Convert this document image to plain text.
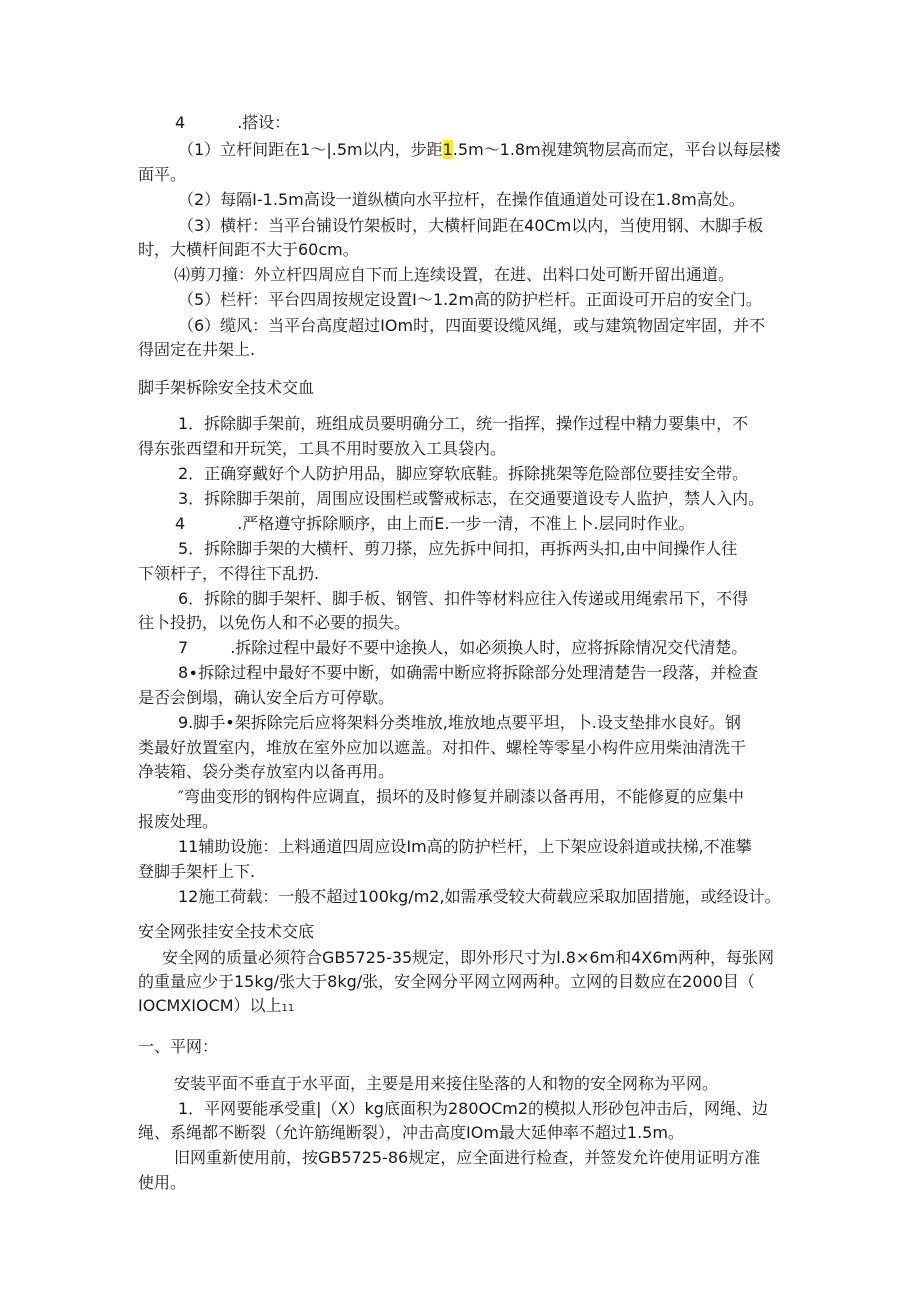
4	.搭设：
（1）立杆间距在1～|.5m以内，步距1.5m～1.8m视建筑物层高而定，平台以每层楼
面平。
（2）每隔I-1.5m高设一道纵横向水平拉杆，在操作值通道处可设在1.8m高处。
（3）横杆：当平台铺设竹架板时，大横杆间距在40Cm以内，当使用钢、木脚手板
时，大横杆间距不大于60cm。
⑷剪刀撞：外立杆四周应自下而上连续设置，在进、出料口处可断开留出通道。
（5）栏杆：平台四周按规定设置I～1.2m高的防护栏杆。正面设可开启的安全门。
（6）缆风：当平台高度超过IOm时，四面要设缆风绳，或与建筑物固定牢固，并不
得固定在井架上.
脚手架柝除安全技术交血
1．拆除脚手架前，班组成员要明确分工，统一指挥，操作过程中精力要集中，不
得东张西望和开玩笑，工具不用时要放入工具袋内。
2．正确穿戴好个人防护用品，脚应穿软底鞋。拆除挑架等危险部位要挂安全带。
3．拆除脚手架前，周围应设围栏或警戒标志，在交通要道设专人监护，禁人入内。
4	.严格遵守拆除顺序，由上而E.一步一清，不准上卜.层同时作业。
5．拆除脚手架的大横杆、剪刀搽，应先拆中间扣，再拆两头扣,由中间操作人往
下领杆子，不得往下乱扔.
6．拆除的脚手架杆、脚手板、钢管、扣件等材料应往入传递或用绳索吊下，不得
往卜投扔，以免伤人和不必要的损失。
7	.拆除过程中最好不要中途换人，如必须换人时，应将拆除情况交代清楚。
8∙拆除过程中最好不要中断，如确需中断应将拆除部分处理清楚告一段落，并检查
是否会倒塌，确认安全后方可停歇。
9.脚手•架拆除完后应将架料分类堆放,堆放地点要平坦，卜.设支垫排水良好。钢
类最好放置室内，堆放在室外应加以遮盖。对扣件、螺栓等零星小构件应用柴油清洗干
净装箱、袋分类存放室内以备再用。
″弯曲变形的钢构件应调直，损坏的及时修复并刷漆以备再用，不能修夏的应集中
报废处理。
11辅助设施：上料通道四周应设Im高的防护栏杆，上下架应设斜道或扶梯,不准攀
登脚手架杆上下.
12施工荷载：一般不超过100kg/m2,如需承受较大荷载应采取加固措施，或经设计。
安全网张挂安全技术交底
安全网的质量必须符合GB5725-35规定，即外形尺寸为l.8×6m和4X6m两种，每张网
的重量应少于15kg∕张大于8kg∕张，安全网分平网立网两种。立网的目数应在2000目（
IOCMXIOCM）以上11
一、平网：
安装平面不垂直于水平面，主要是用来接住坠落的人和物的安全网称为平网。
1．平网要能承受重|（X）kg底面积为280OCm2的模拟人形砂包冲击后，网绳、边
绳、系绳都不断裂（允许筋绳断裂），冲击高度IOm最大延伸率不超过1.5m。
旧网重新使用前，按GB5725-86规定，应全面进行检查，并签发允许使用证明方准
使用。
